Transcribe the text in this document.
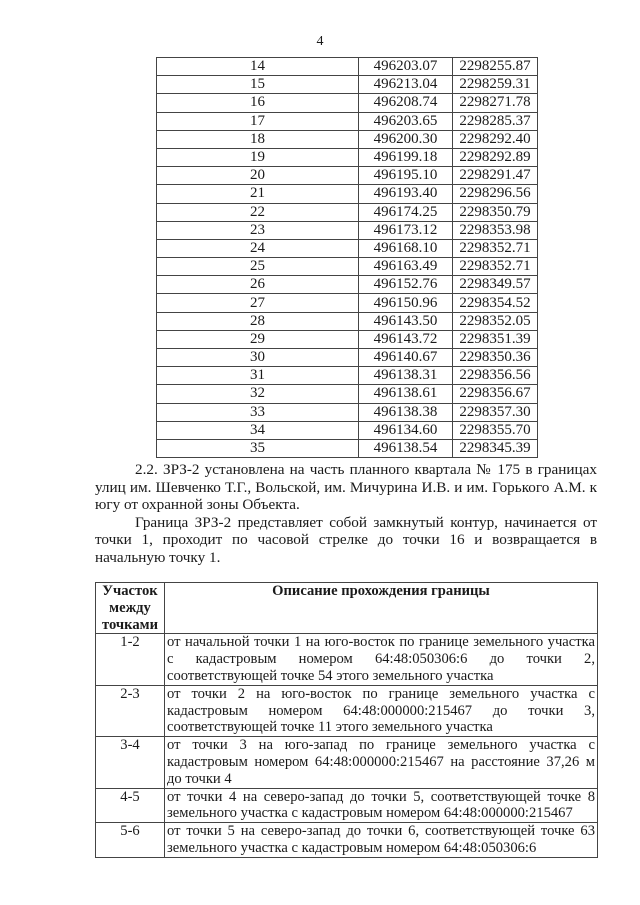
4
14	496203.07	2298255.87
15	496213.04	2298259.31
16	496208.74	2298271.78
17	496203.65	2298285.37
18	496200.30	2298292.40
19	496199.18	2298292.89
20	496195.10	2298291.47
21	496193.40	2298296.56
22	496174.25	2298350.79
23	496173.12	2298353.98
24	496168.10	2298352.71
25	496163.49	2298352.71
26	496152.76	2298349.57
27	496150.96	2298354.52
28	496143.50	2298352.05
29	496143.72	2298351.39
30	496140.67	2298350.36
31	496138.31	2298356.56
32	496138.61	2298356.67
33	496138.38	2298357.30
34	496134.60	2298355.70
35	496138.54	2298345.39

2.2. ЗРЗ-2 установлена на часть планного квартала № 175 в границах улиц им. Шевченко Т.Г., Вольской, им. Мичурина И.В. и им. Горького А.М. к югу от охранной зоны Объекта.

Граница ЗРЗ-2 представляет собой замкнутый контур, начинается от точки 1, проходит по часовой стрелке до точки 16 и возвращается в начальную точку 1.

Участок между точками	Описание прохождения границы
1-2	от начальной точки 1 на юго-восток по границе земельного участка с кадастровым номером 64:48:050306:6 до точки 2, соответствующей точке 54 этого земельного участка
2-3	от точки 2 на юго-восток по границе земельного участка с кадастровым номером 64:48:000000:215467 до точки 3, соответствующей точке 11 этого земельного участка
3-4	от точки 3 на юго-запад по границе земельного участка с кадастровым номером 64:48:000000:215467 на расстояние 37,26 м до точки 4
4-5	от точки 4 на северо-запад до точки 5, соответствующей точке 8 земельного участка с кадастровым номером 64:48:000000:215467
5-6	от точки 5 на северо-запад до точки 6, соответствующей точке 63 земельного участка с кадастровым номером 64:48:050306:6
